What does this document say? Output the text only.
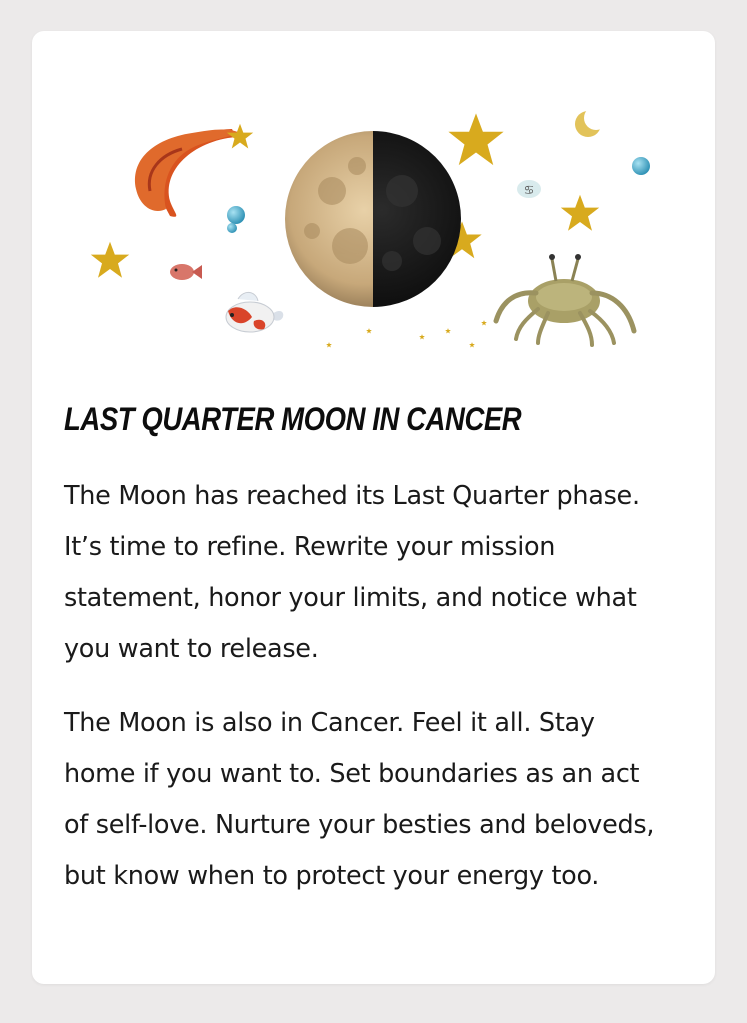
♋
LAST QUARTER MOON IN CANCER

The Moon has reached its Last Quarter phase. It’s time to refine. Rewrite your mission statement, honor your limits, and notice what you want to release.

The Moon is also in Cancer. Feel it all. Stay home if you want to. Set boundaries as an act of self-love. Nurture your besties and beloveds, but know when to protect your energy too.
